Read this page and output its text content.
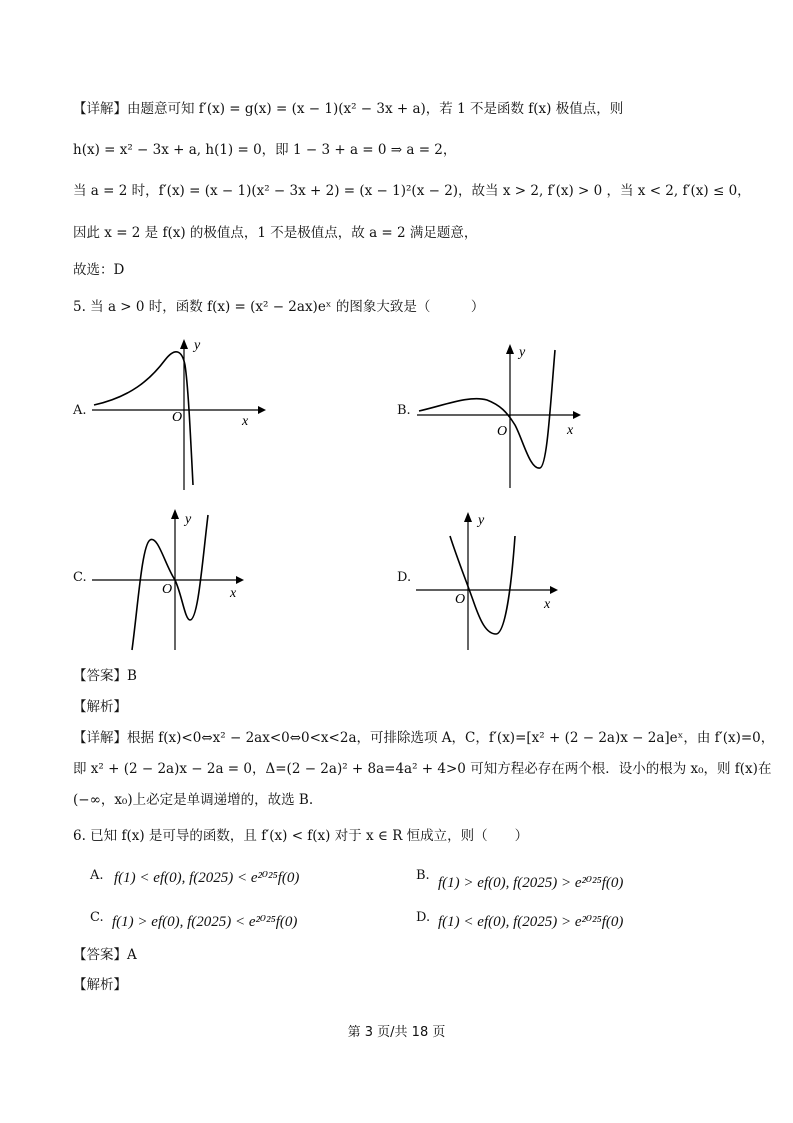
【详解】由题意可知 f′(x) = g(x) = (x − 1)(x² − 3x + a)，若 1 不是函数 f(x) 极值点，则
h(x) = x² − 3x + a, h(1) = 0，即 1 − 3 + a = 0 ⇒ a = 2，
当 a = 2 时，f′(x) = (x − 1)(x² − 3x + 2) = (x − 1)²(x − 2)，故当 x > 2, f′(x) > 0 ，当 x < 2, f′(x) ≤ 0，
因此 x = 2 是 f(x) 的极值点，1 不是极值点，故 a = 2 满足题意，
故选：D
5. 当 a > 0 时，函数 f(x) = (x² − 2ax)eˣ 的图象大致是（　　　）
A.
y
x
O	B.
y
x
O
C.
y
x
O
D.
y
x
O
【答案】B
【解析】
【详解】根据 f(x)<0⇔x² − 2ax<0⇔0<x<2a，可排除选项 A，C，f′(x)=[x² + (2 − 2a)x − 2a]eˣ，由 f′(x)=0，
即 x² + (2 − 2a)x − 2a = 0，Δ=(2 − 2a)² + 8a=4a² + 4>0 可知方程必存在两个根．设小的根为 x₀，则 f(x)在
(−∞，x₀)上必定是单调递增的，故选 B.
6. 已知 f(x) 是可导的函数，且 f′(x) < f(x) 对于 x ∈ R 恒成立，则（　　）
A. f(1) < ef(0), f(2025) < e²⁰²⁵f(0)	B. f(1) > ef(0), f(2025) > e²⁰²⁵f(0)
C. f(1) > ef(0), f(2025) < e²⁰²⁵f(0)	D. f(1) < ef(0), f(2025) > e²⁰²⁵f(0)
【答案】A
【解析】
第 3 页/共 18 页
